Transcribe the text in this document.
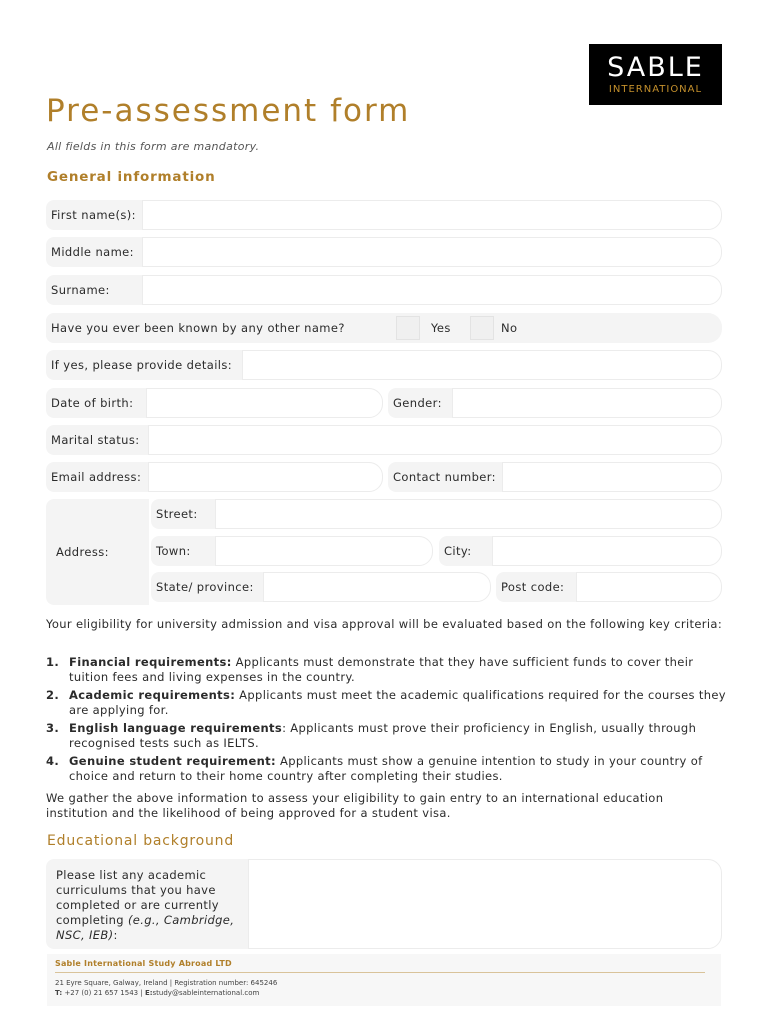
SABLE
INTERNATIONAL
Pre-assessment form
All fields in this form are mandatory.
General information
First name(s):
Middle name:
Surname:
Have you ever been known by any other name?	Yes	No
If yes, please provide details:
Date of birth:	Gender:
Marital status:
Email address:	Contact number:
Address:
Street:
Town:	City:
State/ province:	Post code:

Your eligibility for university admission and visa approval will be evaluated based on the following key criteria:

1. Financial requirements: Applicants must demonstrate that they have sufficient funds to cover their tuition fees and living expenses in the country.
2. Academic requirements: Applicants must meet the academic qualifications required for the courses they are applying for.
3. English language requirements: Applicants must prove their proficiency in English, usually through recognised tests such as IELTS.
4. Genuine student requirement: Applicants must show a genuine intention to study in your country of choice and return to their home country after completing their studies.

We gather the above information to assess your eligibility to gain entry to an international education institution and the likelihood of being approved for a student visa.

Educational background
Please list any academic curriculums that you have completed or are currently completing (e.g., Cambridge, NSC, IEB):
Sable International Study Abroad LTD
21 Eyre Square, Galway, Ireland | Registration number: 645246
T: +27 (0) 21 657 1543 | E:study@sableinternational.com
